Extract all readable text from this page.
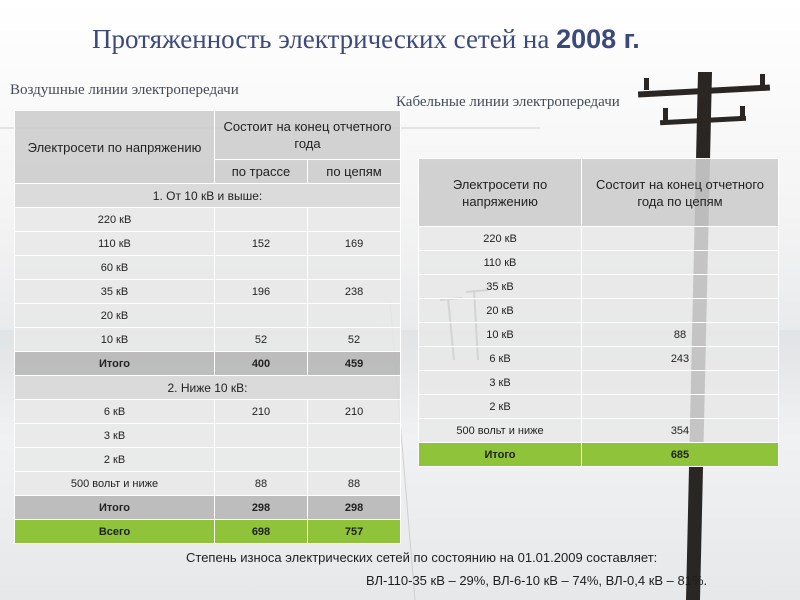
Протяженность электрических сетей на 2008 г.
Воздушные линии электропередачи
Кабельные линии электропередачи
Электросети по напряжению	Состоит на конец отчетного года	
	по трассе	по цепям
1. От 10 кВ и выше:		
220 кВ		
110 кВ	152	169
60 кВ		
35 кВ	196	238
20 кВ		
10 кВ	52	52
Итого	400	459
2. Ниже 10 кВ:		
6 кВ	210	210
3 кВ		
2 кВ		
500 вольт и ниже	88	88
Итого	298	298
Всего	698	757
Электросети по напряжению	Состоит на конец отчетного года по цепям
220 кВ	
110 кВ	
35 кВ	
20 кВ	
10 кВ	88
6 кВ	243
3 кВ	
2 кВ	
500 вольт и ниже	354
Итого	685
Степень износа электрических сетей по состоянию на 01.01.2009 составляет:
ВЛ-110-35 кВ – 29%, ВЛ-6-10 кВ – 74%, ВЛ-0,4 кВ – 81%.
